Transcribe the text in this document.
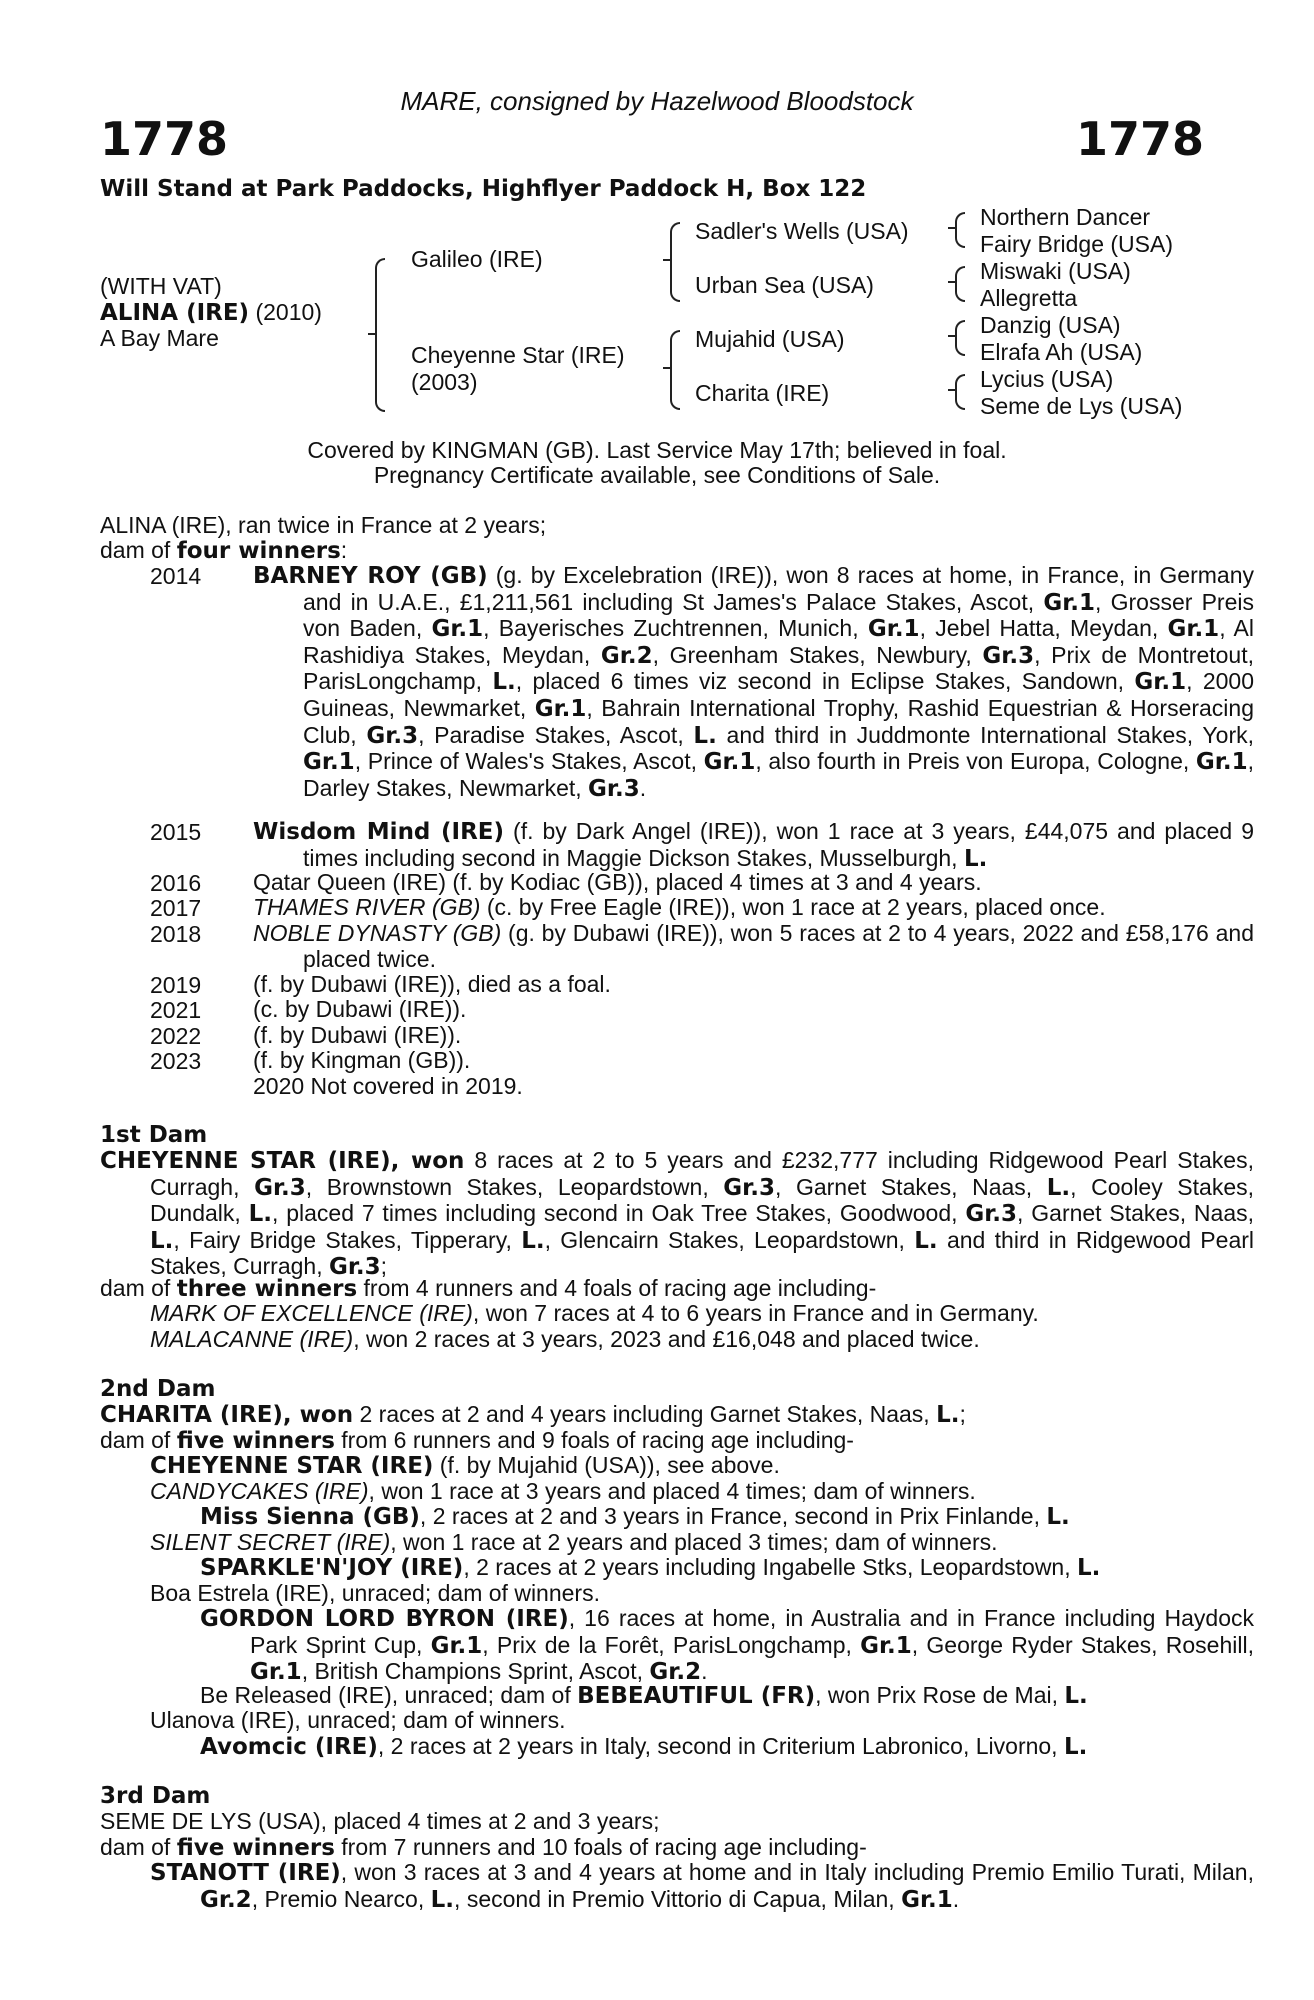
MARE, consigned by Hazelwood Bloodstock
1778	1778
Will Stand at Park Paddocks, Highflyer Paddock H, Box 122
(WITH VAT)
ALINA (IRE) (2010)
A Bay Mare
Galileo (IRE)
Cheyenne Star (IRE)
(2003)
Sadler's Wells (USA)
Urban Sea (USA)
Mujahid (USA)
Charita (IRE)
Northern Dancer
Fairy Bridge (USA)
Miswaki (USA)
Allegretta
Danzig (USA)
Elrafa Ah (USA)
Lycius (USA)
Seme de Lys (USA)
Covered by KINGMAN (GB). Last Service May 17th; believed in foal.
Pregnancy Certificate available, see Conditions of Sale.
ALINA (IRE), ran twice in France at 2 years;
dam of four winners:
2014 BARNEY ROY (GB) (g. by Excelebration (IRE)), won 8 races at home, in France, in Germany and in U.A.E., £1,211,561 including St James's Palace Stakes, Ascot, Gr.1, Grosser Preis von Baden, Gr.1, Bayerisches Zuchtrennen, Munich, Gr.1, Jebel Hatta, Meydan, Gr.1, Al Rashidiya Stakes, Meydan, Gr.2, Greenham Stakes, Newbury, Gr.3, Prix de Montretout, ParisLongchamp, L., placed 6 times viz second in Eclipse Stakes, Sandown, Gr.1, 2000 Guineas, Newmarket, Gr.1, Bahrain International Trophy, Rashid Equestrian & Horseracing Club, Gr.3, Paradise Stakes, Ascot, L. and third in Juddmonte International Stakes, York, Gr.1, Prince of Wales's Stakes, Ascot, Gr.1, also fourth in Preis von Europa, Cologne, Gr.1, Darley Stakes, Newmarket, Gr.3.
2015 Wisdom Mind (IRE) (f. by Dark Angel (IRE)), won 1 race at 3 years, £44,075 and placed 9 times including second in Maggie Dickson Stakes, Musselburgh, L.
2016 Qatar Queen (IRE) (f. by Kodiac (GB)), placed 4 times at 3 and 4 years.
2017 THAMES RIVER (GB) (c. by Free Eagle (IRE)), won 1 race at 2 years, placed once.
2018 NOBLE DYNASTY (GB) (g. by Dubawi (IRE)), won 5 races at 2 to 4 years, 2022 and £58,176 and placed twice.
2019 (f. by Dubawi (IRE)), died as a foal.
2021 (c. by Dubawi (IRE)).
2022 (f. by Dubawi (IRE)).
2023 (f. by Kingman (GB)).
2020 Not covered in 2019.
1st Dam
CHEYENNE STAR (IRE), won 8 races at 2 to 5 years and £232,777 including Ridgewood Pearl Stakes, Curragh, Gr.3, Brownstown Stakes, Leopardstown, Gr.3, Garnet Stakes, Naas, L., Cooley Stakes, Dundalk, L., placed 7 times including second in Oak Tree Stakes, Goodwood, Gr.3, Garnet Stakes, Naas, L., Fairy Bridge Stakes, Tipperary, L., Glencairn Stakes, Leopardstown, L. and third in Ridgewood Pearl Stakes, Curragh, Gr.3;
dam of three winners from 4 runners and 4 foals of racing age including-
MARK OF EXCELLENCE (IRE), won 7 races at 4 to 6 years in France and in Germany.
MALACANNE (IRE), won 2 races at 3 years, 2023 and £16,048 and placed twice.
2nd Dam
CHARITA (IRE), won 2 races at 2 and 4 years including Garnet Stakes, Naas, L.;
dam of five winners from 6 runners and 9 foals of racing age including-
CHEYENNE STAR (IRE) (f. by Mujahid (USA)), see above.
CANDYCAKES (IRE), won 1 race at 3 years and placed 4 times; dam of winners.
Miss Sienna (GB), 2 races at 2 and 3 years in France, second in Prix Finlande, L.
SILENT SECRET (IRE), won 1 race at 2 years and placed 3 times; dam of winners.
SPARKLE'N'JOY (IRE), 2 races at 2 years including Ingabelle Stks, Leopardstown, L.
Boa Estrela (IRE), unraced; dam of winners.
GORDON LORD BYRON (IRE), 16 races at home, in Australia and in France including Haydock Park Sprint Cup, Gr.1, Prix de la Forêt, ParisLongchamp, Gr.1, George Ryder Stakes, Rosehill, Gr.1, British Champions Sprint, Ascot, Gr.2.
Be Released (IRE), unraced; dam of BEBEAUTIFUL (FR), won Prix Rose de Mai, L.
Ulanova (IRE), unraced; dam of winners.
Avomcic (IRE), 2 races at 2 years in Italy, second in Criterium Labronico, Livorno, L.
3rd Dam
SEME DE LYS (USA), placed 4 times at 2 and 3 years;
dam of five winners from 7 runners and 10 foals of racing age including-
STANOTT (IRE), won 3 races at 3 and 4 years at home and in Italy including Premio Emilio Turati, Milan, Gr.2, Premio Nearco, L., second in Premio Vittorio di Capua, Milan, Gr.1.
